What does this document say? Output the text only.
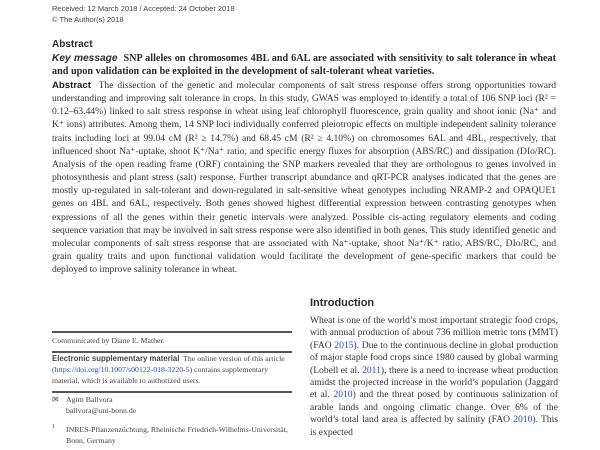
Received: 12 March 2018 / Accepted: 24 October 2018
© The Author(s) 2018
Abstract
Key message SNP alleles on chromosomes 4BL and 6AL are associated with sensitivity to salt tolerance in wheat and upon validation can be exploited in the development of salt-tolerant wheat varieties.
Abstract The dissection of the genetic and molecular components of salt stress response offers strong opportunities toward understanding and improving salt tolerance in crops. In this study, GWAS was employed to identify a total of 106 SNP loci (R² = 0.12–63.44%) linked to salt stress response in wheat using leaf chlorophyll fluorescence, grain quality and shoot ionic (Na⁺ and K⁺ ions) attributes. Among them, 14 SNP loci individually conferred pleiotropic effects on multiple independent salinity tolerance traits including loci at 99.04 cM (R² ≥ 14.7%) and 68.45 cM (R² ≥ 4.10%) on chromosomes 6AL and 4BL, respectively, that influenced shoot Na⁺-uptake, shoot K⁺/Na⁺ ratio, and specific energy fluxes for absorption (ABS/RC) and dissipation (DIo/RC). Analysis of the open reading frame (ORF) containing the SNP markers revealed that they are orthologous to genes involved in photosynthesis and plant stress (salt) response. Further transcript abundance and qRT-PCR analyses indicated that the genes are mostly up-regulated in salt-tolerant and down-regulated in salt-sensitive wheat genotypes including NRAMP-2 and OPAQUE1 genes on 4BL and 6AL, respectively. Both genes showed highest differential expression between contrasting genotypes when expressions of all the genes within their genetic intervals were analyzed. Possible cis-acting regulatory elements and coding sequence variation that may be involved in salt stress response were also identified in both genes. This study identified genetic and molecular components of salt stress response that are associated with Na⁺-uptake, shoot Na⁺/K⁺ ratio, ABS/RC, DIo/RC, and grain quality traits and upon functional validation would facilitate the development of gene-specific markers that could be deployed to improve salinity tolerance in wheat.
Communicated by Diane E. Mather.
Electronic supplementary material The online version of this article (https://doi.org/10.1007/s00122-018-3220-5) contains supplementary material, which is available to authorized users.
✉ Agim Ballvora
ballvora@uni-bonn.de
1 INRES-Pflanzenzüchtung, Rheinische Friedrich-Wilhelms-Universität, Bonn, Germany
Introduction
Wheat is one of the world’s most important strategic food crops, with annual production of about 736 million metric tons (MMT) (FAO 2015). Due to the continuous decline in global production of major staple food crops since 1980 caused by global warming (Lobell et al. 2011), there is a need to increase wheat production amidst the projected increase in the world’s population (Jaggard et al. 2010) and the threat posed by continuous salinization of arable lands and ongoing climatic change. Over 6% of the world’s total land area is affected by salinity (FAO 2010). This is expected
